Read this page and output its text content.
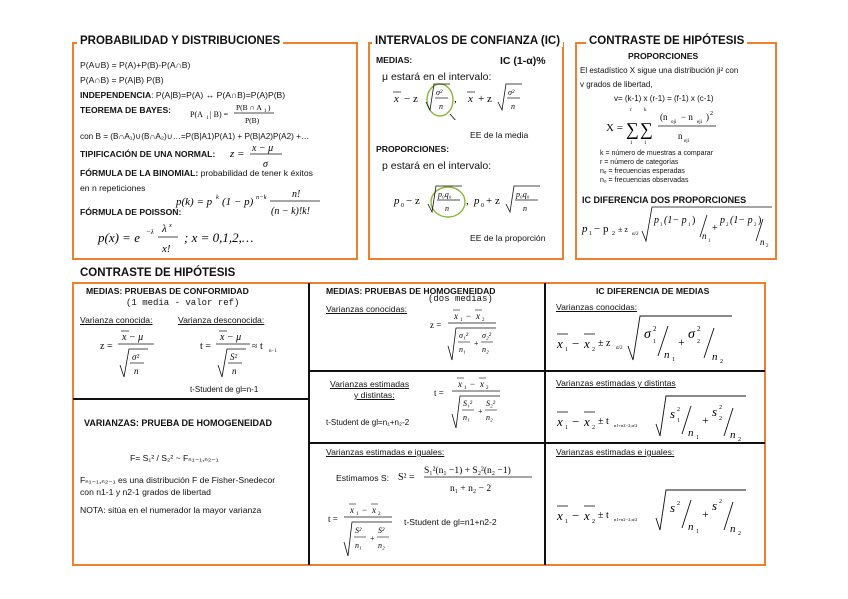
PROBABILIDAD Y DISTRIBUCIONES
P(A∪B) = P(A)+P(B)-P(A∩B)
P(A∩B) = P(A|B) P(B)
INDEPENDENCIA: P(A|B)=P(A) ↔ P(A∩B)=P(A)P(B)
TEOREMA DE BAYES: P(A 1 | B) =
P(B ∩ A 1 )
P(B)
con B = (B∩A₁)∪(B∩A₂)∪…=P(B|A1)P(A1) + P(B|A2)P(A2) +…
TIPIFICACIÓN DE UNA NORMAL: z = x − μ
σ
FÓRMULA DE LA BINOMIAL: probabilidad de tener k éxitos
en n repeticiones
p(k) = p k (1 − p) n−k	n!
(n − k)!k!
FÓRMULA DE POISSON:
p(x) = e −λ λ x
x!
; x = 0,1,2,…
INTERVALOS DE CONFIANZA (IC)
MEDIAS:	IC (1-α)%
μ estará en el intervalo:
x − z
σ²
n
, x + z
σ²
n
EE de la media
PROPORCIONES:
p estará en el intervalo:
p 0 − z
p₀q₀
n
, p 0 + z
p₀q₀
n
EE de la proporción
CONTRASTE DE HIPÓTESIS
PROPORCIONES
El estadístico X sigue una distribución ji² con
v grados de libertad,
v= (k-1) x (r-1) = (f-1) x (c-1)
X =
r
∑
1
k
∑
1
(n
oji
− n
eji
) 2
n
eji
k = número de muestras a comparar
r = número de categorías
nₑ = frecuencias esperadas
nₒ = frecuencias observadas
IC DIFERENCIA DOS PROPORCIONES
p 1 − p 2 ± z
α/2
p 1 (1− p 1 )
n
1
+
p 2 (1− p 2 )
n 2
CONTRASTE DE HIPÓTESIS
MEDIAS: PRUEBAS DE CONFORMIDAD
(1 media - valor ref)
Varianza conocida:	Varianza desconocida:
z =
x − μ
σ²
n
t =
x − μ
S²
n
≈ t n−1
t-Student de gl=n-1
VARIANZAS: PRUEBA DE HOMOGENEIDAD
F= S₁² / S₂² ~ Fₙ₁₋₁,ₙ₂₋₁
Fₙ₁₋₁,ₙ₂₋₁ es una distribución F de Fisher-Snedecor
con n1-1 y n2-1 grados de libertad
NOTA: sitúa en el numerador la mayor varianza
MEDIAS: PRUEBAS DE HOMOGENEIDAD
(dos medias)
Varianzas conocidas:
z =
x 1 − x 2
σ₁²
n₁
+
σ₂²
n₂
Varianzas estimadas
y distintas:	t =
x 1 − x 2
S₁²
n₁
+
S₂²
n₂
t-Student de gl=n₁+n₂-2
Varianzas estimadas e iguales:
Estimamos S: S² =
S₁²(n₁ −1) + S₂²(n₂ −1)
n₁ + n₂ − 2
t =
x 1 − x 2
S²
n₁
+
S²
n₂
t-Student de gl=n1+n2-2
IC DIFERENCIA DE MEDIAS
Varianzas conocidas:
x 1 − x 2
± z α/2
σ 2
1
n 1
+ σ 2
2
n 2
Varianzas estimadas y distintas
x 1 − x 2
± t n1+n2−2;α/2
s 2
1
n 1
+
s 2
2
n 2
Varianzas estimadas e iguales:
x 1 − x 2
± t n1+n2−2;α/2
s 2
n 1
+
s 2
n 2
